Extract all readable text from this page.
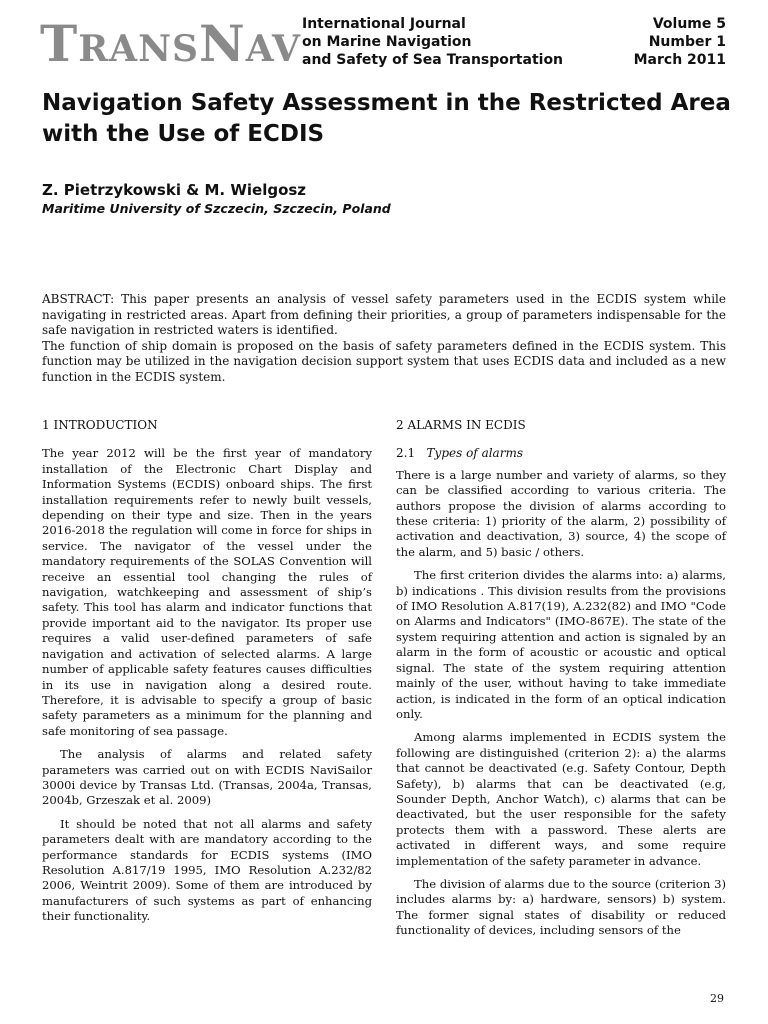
TRANSNAV
International Journal
on Marine Navigation
and Safety of Sea Transportation
Volume 5
Number 1
March 2011
Navigation Safety Assessment in the Restricted Area with the Use of ECDIS
Z. Pietrzykowski & M. Wielgosz
Maritime University of Szczecin, Szczecin, Poland

ABSTRACT: This paper presents an analysis of vessel safety parameters used in the ECDIS system while navigating in restricted areas. Apart from defining their priorities, a group of parameters indispensable for the safe navigation in restricted waters is identified.

The function of ship domain is proposed on the basis of safety parameters defined in the ECDIS system. This function may be utilized in the navigation decision support system that uses ECDIS data and included as a new function in the ECDIS system.

1 INTRODUCTION

The year 2012 will be the first year of mandatory installation of the Electronic Chart Display and Information Systems (ECDIS) onboard ships. The first installation requirements refer to newly built vessels, depending on their type and size. Then in the years 2016-2018 the regulation will come in force for ships in service. The navigator of the vessel under the mandatory requirements of the SOLAS Convention will receive an essential tool changing the rules of navigation, watchkeeping and assessment of ship’s safety. This tool has alarm and indicator functions that provide important aid to the navigator. Its proper use requires a valid user-defined parameters of safe navigation and activation of selected alarms. A large number of applicable safety features causes difficulties in its use in navigation along a desired route. Therefore, it is advisable to specify a group of basic safety parameters as a minimum for the planning and safe monitoring of sea passage.

The analysis of alarms and related safety parameters was carried out on with ECDIS NaviSailor 3000i device by Transas Ltd. (Transas, 2004a, Transas, 2004b, Grzeszak et al. 2009)

It should be noted that not all alarms and safety parameters dealt with are mandatory according to the performance standards for ECDIS systems (IMO Resolution A.817/19 1995, IMO Resolution A.232/82 2006, Weintrit 2009). Some of them are introduced by manufacturers of such systems as part of enhancing their functionality.

2 ALARMS IN ECDIS
2.1 Types of alarms

There is a large number and variety of alarms, so they can be classified according to various criteria. The authors propose the division of alarms according to these criteria: 1) priority of the alarm, 2) possibility of activation and deactivation, 3) source, 4) the scope of the alarm, and 5) basic / others.

The first criterion divides the alarms into: a) alarms, b) indications . This division results from the provisions of IMO Resolution A.817(19), A.232(82) and IMO "Code on Alarms and Indicators" (IMO-867E). The state of the system requiring attention and action is signaled by an alarm in the form of acoustic or acoustic and optical signal. The state of the system requiring attention mainly of the user, without having to take immediate action, is indicated in the form of an optical indication only.

Among alarms implemented in ECDIS system the following are distinguished (criterion 2): a) the alarms that cannot be deactivated (e.g. Safety Contour, Depth Safety), b) alarms that can be deactivated (e.g, Sounder Depth, Anchor Watch), c) alarms that can be deactivated, but the user responsible for the safety protects them with a password. These alerts are activated in different ways, and some require implementation of the safety parameter in advance.

The division of alarms due to the source (criterion 3) includes alarms by: a) hardware, sensors) b) system. The former signal states of disability or reduced functionality of devices, including sensors of the

29
